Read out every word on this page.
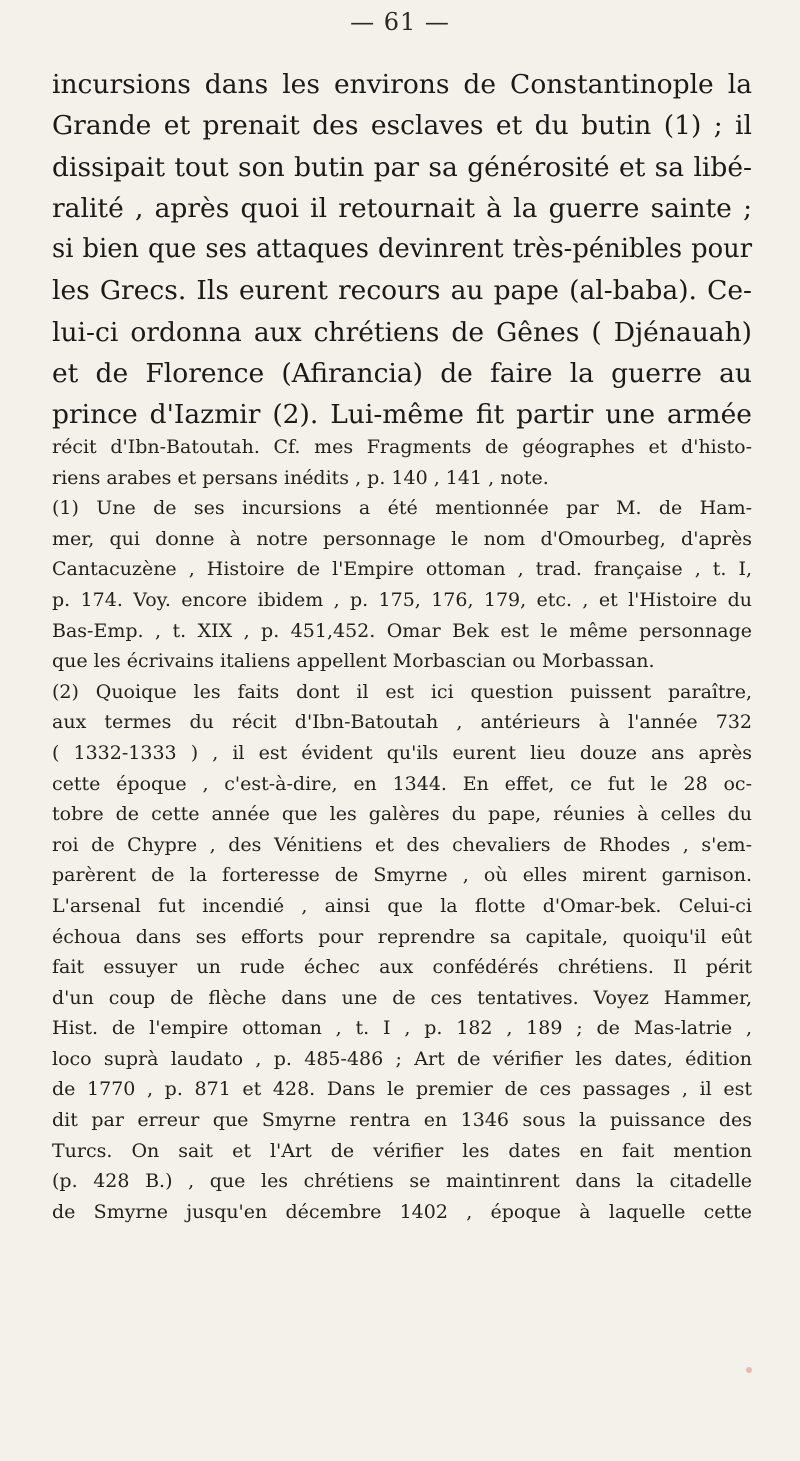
— 61 —
incursions dans les environs de Constantinople la
Grande et prenait des esclaves et du butin (1) ; il
dissipait tout son butin par sa générosité et sa libé-
ralité , après quoi il retournait à la guerre sainte ;
si bien que ses attaques devinrent très-pénibles pour
les Grecs. Ils eurent recours au pape (al-baba). Ce-
lui-ci ordonna aux chrétiens de Gênes ( Djénauah)
et de Florence (Afirancia) de faire la guerre au
prince d'Iazmir (2). Lui-même fit partir une armée
récit d'Ibn-Batoutah. Cf. mes Fragments de géographes et d'histo-
riens arabes et persans inédits , p. 140 , 141 , note.
(1) Une de ses incursions a été mentionnée par M. de Ham-
mer, qui donne à notre personnage le nom d'Omourbeg, d'après
Cantacuzène , Histoire de l'Empire ottoman , trad. française , t. I,
p. 174. Voy. encore ibidem , p. 175, 176, 179, etc. , et l'Histoire du
Bas-Emp. , t. XIX , p. 451,452. Omar Bek est le même personnage
que les écrivains italiens appellent Morbascian ou Morbassan.
(2) Quoique les faits dont il est ici question puissent paraître,
aux termes du récit d'Ibn-Batoutah , antérieurs à l'année 732
( 1332-1333 ) , il est évident qu'ils eurent lieu douze ans après
cette époque , c'est-à-dire, en 1344. En effet, ce fut le 28 oc-
tobre de cette année que les galères du pape, réunies à celles du
roi de Chypre , des Vénitiens et des chevaliers de Rhodes , s'em-
parèrent de la forteresse de Smyrne , où elles mirent garnison.
L'arsenal fut incendié , ainsi que la flotte d'Omar-bek. Celui-ci
échoua dans ses efforts pour reprendre sa capitale, quoiqu'il eût
fait essuyer un rude échec aux confédérés chrétiens. Il périt
d'un coup de flèche dans une de ces tentatives. Voyez Hammer,
Hist. de l'empire ottoman , t. I , p. 182 , 189 ; de Mas-latrie ,
loco suprà laudato , p. 485-486 ; Art de vérifier les dates, édition
de 1770 , p. 871 et 428. Dans le premier de ces passages , il est
dit par erreur que Smyrne rentra en 1346 sous la puissance des
Turcs. On sait et l'Art de vérifier les dates en fait mention
(p. 428 B.) , que les chrétiens se maintinrent dans la citadelle
de Smyrne jusqu'en décembre 1402 , époque à laquelle cette
